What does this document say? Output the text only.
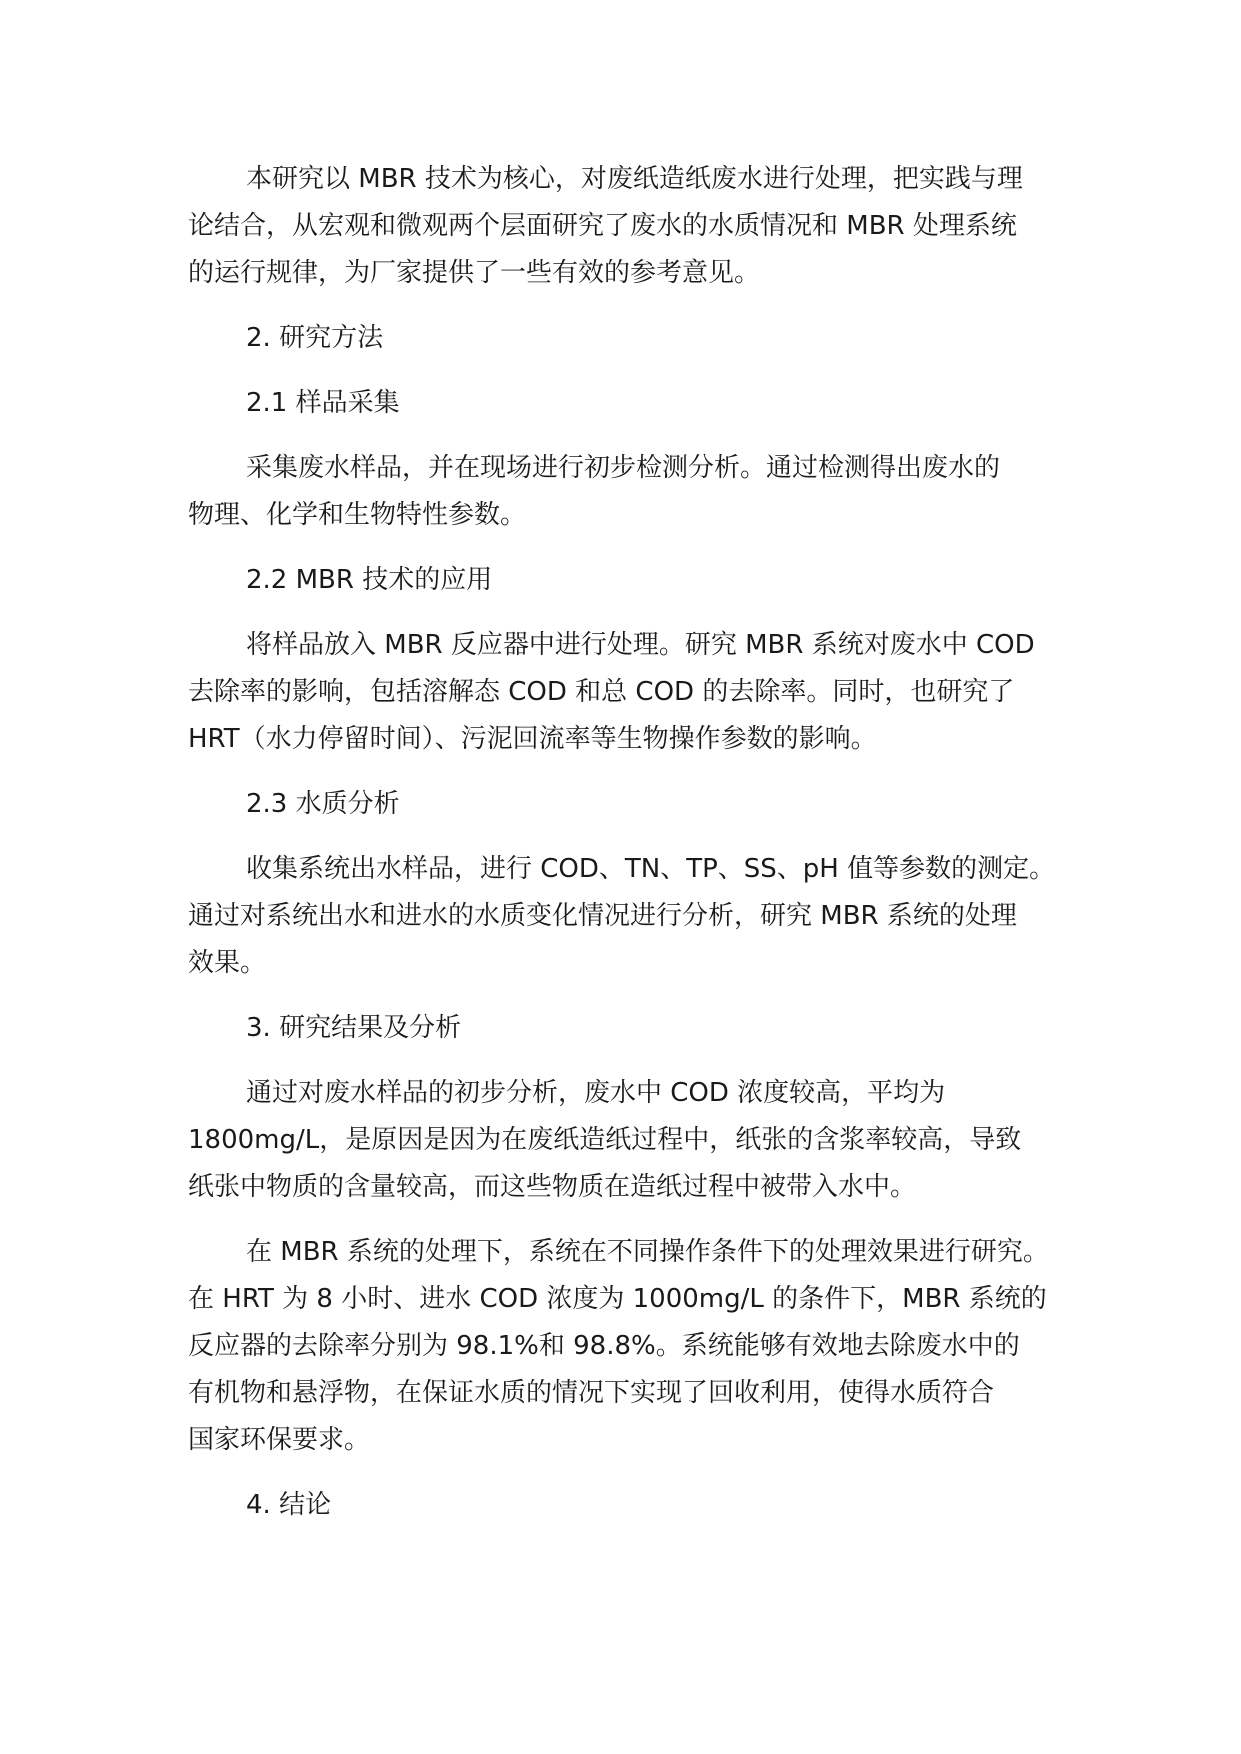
本研究以 MBR 技术为核心，对废纸造纸废水进行处理，把实践与理
论结合，从宏观和微观两个层面研究了废水的水质情况和 MBR 处理系统
的运行规律，为厂家提供了一些有效的参考意见。
2. 研究方法
2.1 样品采集
采集废水样品，并在现场进行初步检测分析。通过检测得出废水的
物理、化学和生物特性参数。
2.2 MBR 技术的应用
将样品放入 MBR 反应器中进行处理。研究 MBR 系统对废水中 COD
去除率的影响，包括溶解态 COD 和总 COD 的去除率。同时，也研究了
HRT（水力停留时间）、污泥回流率等生物操作参数的影响。
2.3 水质分析
收集系统出水样品，进行 COD、TN、TP、SS、pH 值等参数的测定。
通过对系统出水和进水的水质变化情况进行分析，研究 MBR 系统的处理
效果。
3. 研究结果及分析
通过对废水样品的初步分析，废水中 COD 浓度较高，平均为
1800mg/L，是原因是因为在废纸造纸过程中，纸张的含浆率较高，导致
纸张中物质的含量较高，而这些物质在造纸过程中被带入水中。
在 MBR 系统的处理下，系统在不同操作条件下的处理效果进行研究。
在 HRT 为 8 小时、进水 COD 浓度为 1000mg/L 的条件下，MBR 系统的
反应器的去除率分别为 98.1%和 98.8%。系统能够有效地去除废水中的
有机物和悬浮物，在保证水质的情况下实现了回收利用，使得水质符合
国家环保要求。
4. 结论
